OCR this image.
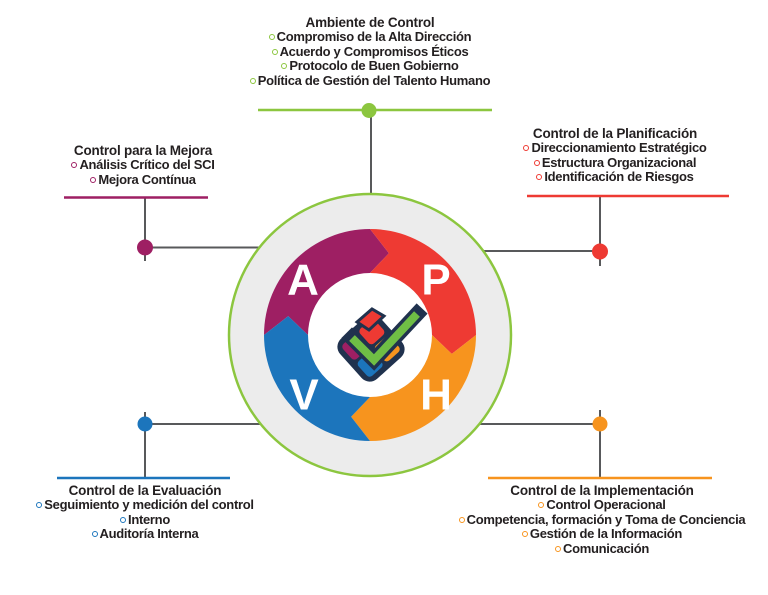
A P
H
V
Ambiente de Control
Compromiso de la Alta Dirección
Acuerdo y Compromisos Éticos
Protocolo de Buen Gobierno
Política de Gestión del Talento Humano
Control de la Planificación
Direccionamiento Estratégico
Estructura Organizacional
Identificación de Riesgos
Control para la Mejora
Análisis Crítico del SCI
Mejora Contínua
Control de la Evaluación
Seguimiento y medición del control
Interno
Auditoría Interna
Control de la Implementación
Control Operacional
Competencia, formación y Toma de Conciencia
Gestión de la Información
Comunicación
